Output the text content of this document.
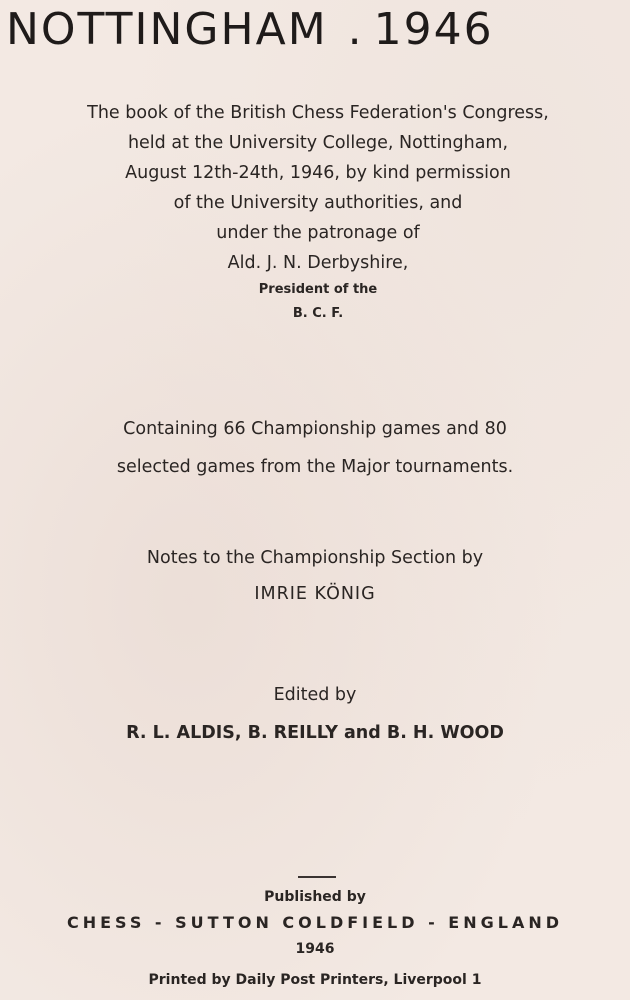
NOTTINGHAM . 1946
The book of the British Chess Federation's Congress,
held at the University College, Nottingham,
August 12th-24th, 1946, by kind permission
of the University authorities, and
under the patronage of
Ald. J. N. Derbyshire,
President of the
B. C. F.
Containing 66 Championship games and 80
selected games from the Major tournaments.
Notes to the Championship Section by
IMRIE KÖNIG
Edited by
R. L. ALDIS, B. REILLY and B. H. WOOD
Published by
CHESS - SUTTON COLDFIELD - ENGLAND
1946
Printed by Daily Post Printers, Liverpool 1
